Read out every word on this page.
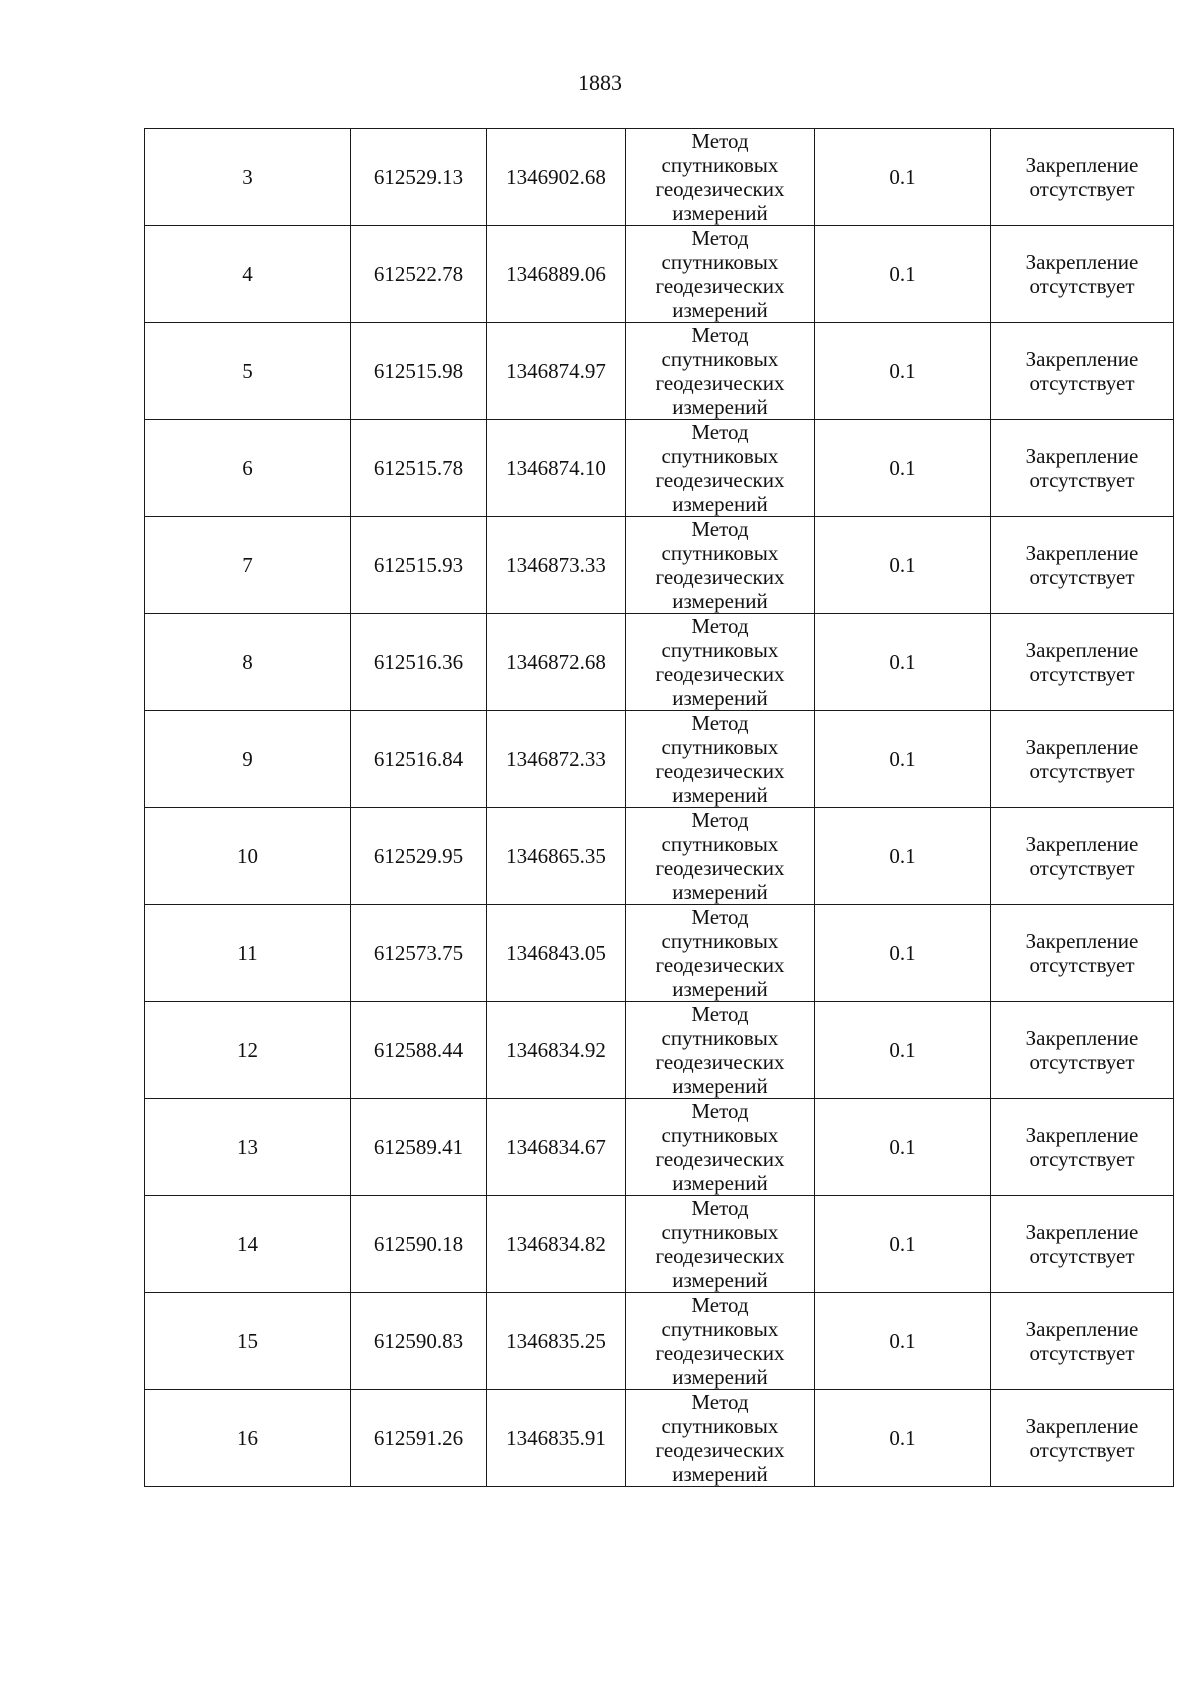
1883
3	612529.13	1346902.68	Метод
спутниковых
геодезических
измерений	0.1	Закрепление
отсутствует
4	612522.78	1346889.06	Метод
спутниковых
геодезических
измерений	0.1	Закрепление
отсутствует
5	612515.98	1346874.97	Метод
спутниковых
геодезических
измерений	0.1	Закрепление
отсутствует
6	612515.78	1346874.10	Метод
спутниковых
геодезических
измерений	0.1	Закрепление
отсутствует
7	612515.93	1346873.33	Метод
спутниковых
геодезических
измерений	0.1	Закрепление
отсутствует
8	612516.36	1346872.68	Метод
спутниковых
геодезических
измерений	0.1	Закрепление
отсутствует
9	612516.84	1346872.33	Метод
спутниковых
геодезических
измерений	0.1	Закрепление
отсутствует
10	612529.95	1346865.35	Метод
спутниковых
геодезических
измерений	0.1	Закрепление
отсутствует
11	612573.75	1346843.05	Метод
спутниковых
геодезических
измерений	0.1	Закрепление
отсутствует
12	612588.44	1346834.92	Метод
спутниковых
геодезических
измерений	0.1	Закрепление
отсутствует
13	612589.41	1346834.67	Метод
спутниковых
геодезических
измерений	0.1	Закрепление
отсутствует
14	612590.18	1346834.82	Метод
спутниковых
геодезических
измерений	0.1	Закрепление
отсутствует
15	612590.83	1346835.25	Метод
спутниковых
геодезических
измерений	0.1	Закрепление
отсутствует
16	612591.26	1346835.91	Метод
спутниковых
геодезических
измерений	0.1	Закрепление
отсутствует
